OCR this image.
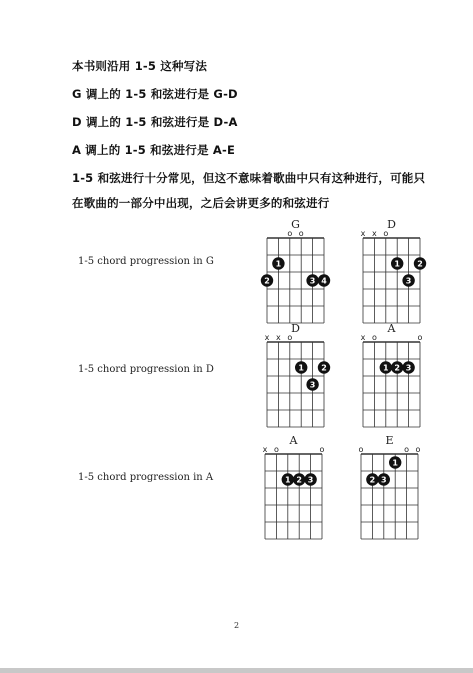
本书则沿用 1-5 这种写法
G 调上的 1-5 和弦进行是 G-D
D 调上的 1-5 和弦进行是 D-A
A 调上的 1-5 和弦进行是 A-E
1-5 和弦进行十分常见，但这不意味着歌曲中只有这种进行，可能只
在歌曲的一部分中出现，之后会讲更多的和弦进行
1-5 chord progression in G
1-5 chord progression in D
1-5 chord progression in A
G
o o
1
2	3 4
D
x x o
1 2
3
D
x x o
1 2
3
A
x o	o
1 2 3
A
x o	o
1 2 3
E
o	o o
1
2 3
2
